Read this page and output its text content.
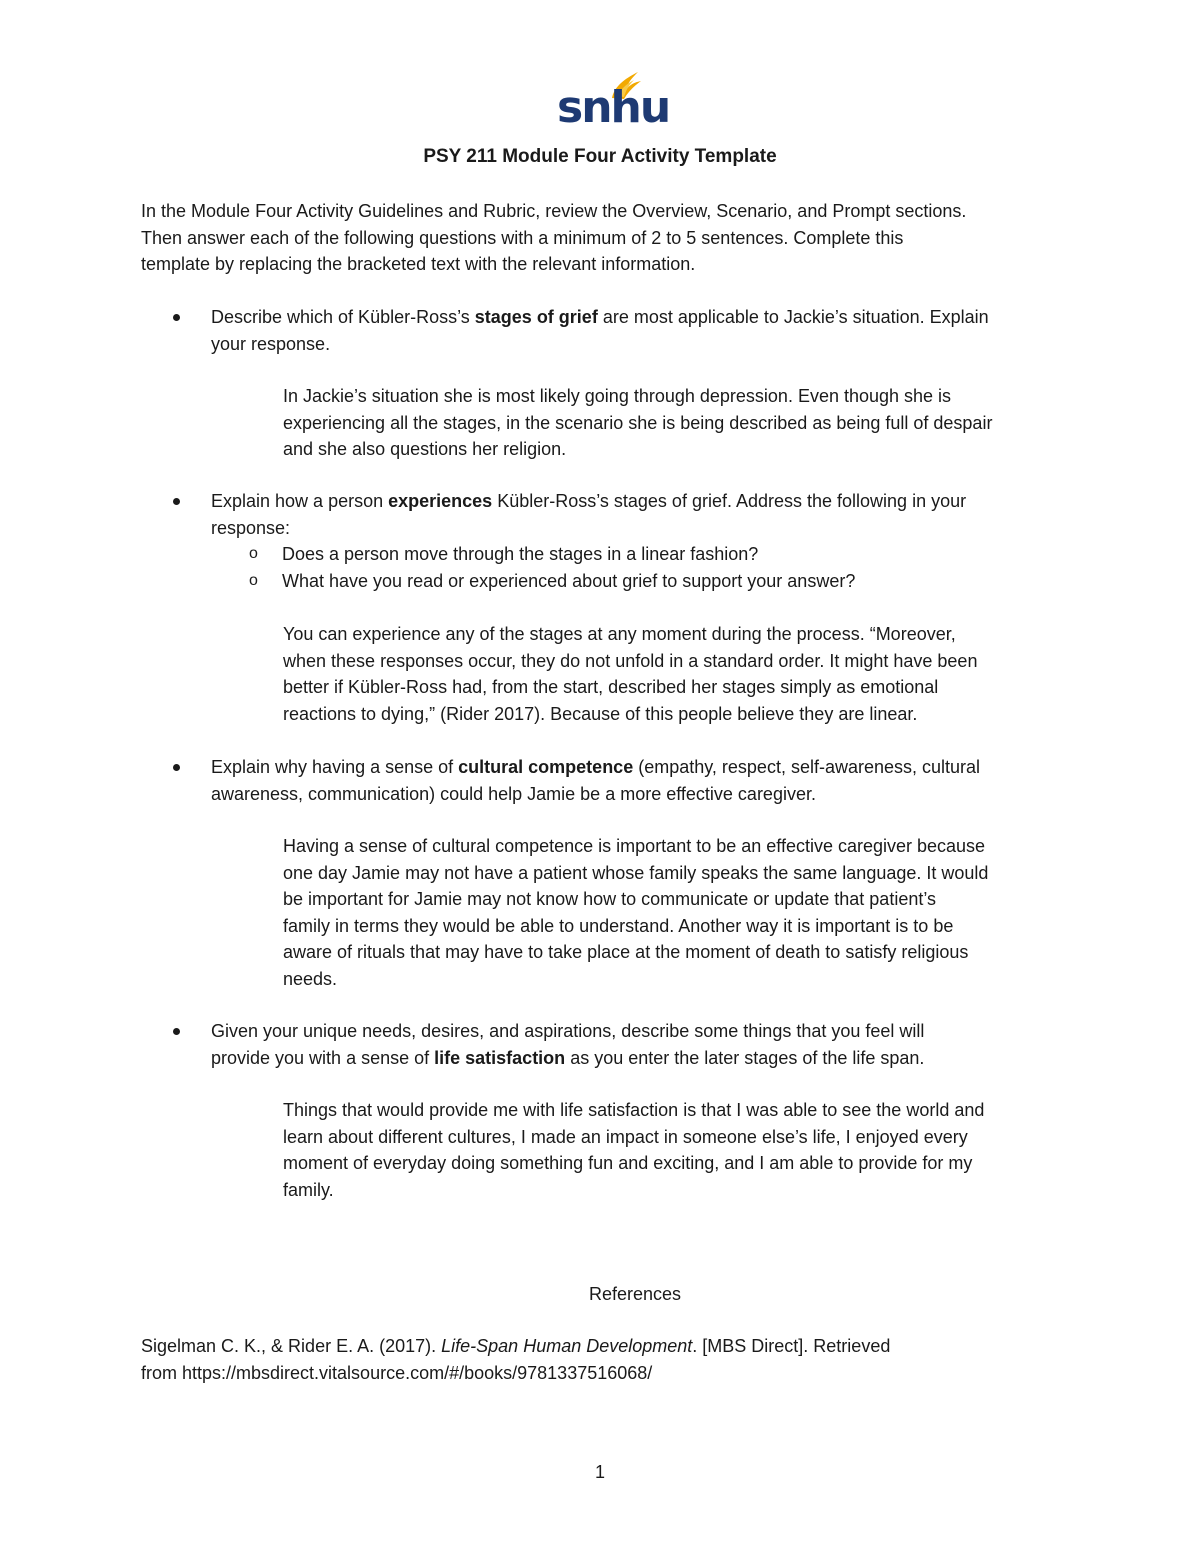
snhu
PSY 211 Module Four Activity Template
In the Module Four Activity Guidelines and Rubric, review the Overview, Scenario, and Prompt sections.
Then answer each of the following questions with a minimum of 2 to 5 sentences. Complete this
template by replacing the bracketed text with the relevant information.
Describe which of Kübler-Ross’s stages of grief are most applicable to Jackie’s situation. Explain
your response.
In Jackie’s situation she is most likely going through depression. Even though she is
experiencing all the stages, in the scenario she is being described as being full of despair
and she also questions her religion.
Explain how a person experiences Kübler-Ross’s stages of grief. Address the following in your
response:
o Does a person move through the stages in a linear fashion?
o What have you read or experienced about grief to support your answer?
You can experience any of the stages at any moment during the process. “Moreover,
when these responses occur, they do not unfold in a standard order. It might have been
better if Kübler-Ross had, from the start, described her stages simply as emotional
reactions to dying,” (Rider 2017). Because of this people believe they are linear.
Explain why having a sense of cultural competence (empathy, respect, self-awareness, cultural
awareness, communication) could help Jamie be a more effective caregiver.
Having a sense of cultural competence is important to be an effective caregiver because
one day Jamie may not have a patient whose family speaks the same language. It would
be important for Jamie may not know how to communicate or update that patient’s
family in terms they would be able to understand. Another way it is important is to be
aware of rituals that may have to take place at the moment of death to satisfy religious
needs.
Given your unique needs, desires, and aspirations, describe some things that you feel will
provide you with a sense of life satisfaction as you enter the later stages of the life span.
Things that would provide me with life satisfaction is that I was able to see the world and
learn about different cultures, I made an impact in someone else’s life, I enjoyed every
moment of everyday doing something fun and exciting, and I am able to provide for my
family.
References
Sigelman C. K., & Rider E. A. (2017). Life-Span Human Development. [MBS Direct]. Retrieved
from https://mbsdirect.vitalsource.com/#/books/9781337516068/
1
